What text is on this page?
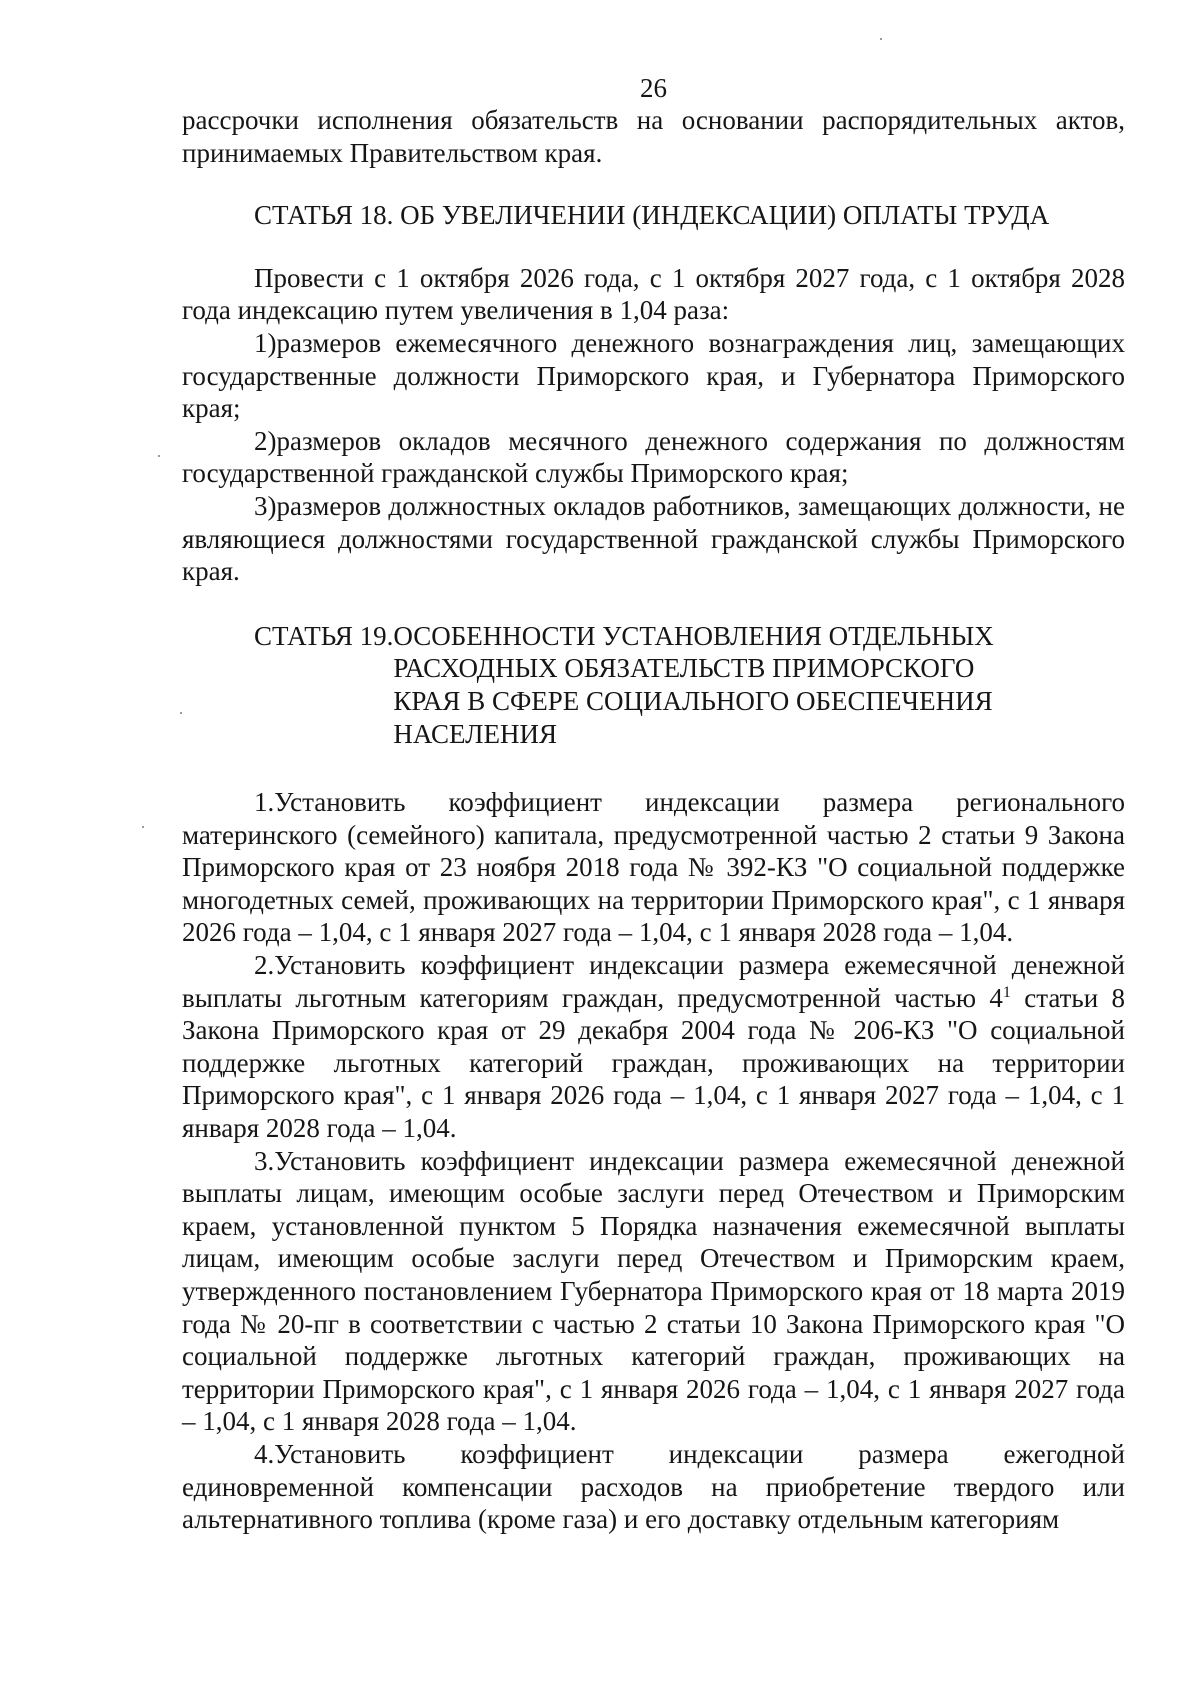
26

рассрочки исполнения обязательств на основании распорядительных актов, принимаемых Правительством края.

СТАТЬЯ 18. ОБ УВЕЛИЧЕНИИ (ИНДЕКСАЦИИ) ОПЛАТЫ ТРУДА

Провести с 1 октября 2026 года, с 1 октября 2027 года, с 1 октября 2028 года индексацию путем увеличения в 1,04 раза:

1)размеров ежемесячного денежного вознаграждения лиц, замещающих государственные должности Приморского края, и Губернатора Приморского края;

2)размеров окладов месячного денежного содержания по должностям государственной гражданской службы Приморского края;

3)размеров должностных окладов работников, замещающих должности, не являющиеся должностями государственной гражданской службы Приморского края.

СТАТЬЯ 19. ОСОБЕННОСТИ УСТАНОВЛЕНИЯ ОТДЕЛЬНЫХ РАСХОДНЫХ ОБЯЗАТЕЛЬСТВ ПРИМОРСКОГО КРАЯ В СФЕРЕ СОЦИАЛЬНОГО ОБЕСПЕЧЕНИЯ НАСЕЛЕНИЯ

1.Установить коэффициент индексации размера регионального материнского (семейного) капитала, предусмотренной частью 2 статьи 9 Закона Приморского края от 23 ноября 2018 года № 392-КЗ "О социальной поддержке многодетных семей, проживающих на территории Приморского края", с 1 января 2026 года – 1,04, с 1 января 2027 года – 1,04, с 1 января 2028 года – 1,04.

2.Установить коэффициент индексации размера ежемесячной денежной выплаты льготным категориям граждан, предусмотренной частью $4^1$ статьи 8 Закона Приморского края от 29 декабря 2004 года № 206-КЗ "О социальной поддержке льготных категорий граждан, проживающих на территории Приморского края", с 1 января 2026 года – 1,04, с 1 января 2027 года – 1,04, с 1 января 2028 года – 1,04.

3.Установить коэффициент индексации размера ежемесячной денежной выплаты лицам, имеющим особые заслуги перед Отечеством и Приморским краем, установленной пунктом 5 Порядка назначения ежемесячной выплаты лицам, имеющим особые заслуги перед Отечеством и Приморским краем, утвержденного постановлением Губернатора Приморского края от 18 марта 2019 года № 20-пг в соответствии с частью 2 статьи 10 Закона Приморского края "О социальной поддержке льготных категорий граждан, проживающих на территории Приморского края", с 1 января 2026 года – 1,04, с 1 января 2027 года – 1,04, с 1 января 2028 года – 1,04.

4.Установить коэффициент индексации размера ежегодной единовременной компенсации расходов на приобретение твердого или альтернативного топлива (кроме газа) и его доставку отдельным категориям
